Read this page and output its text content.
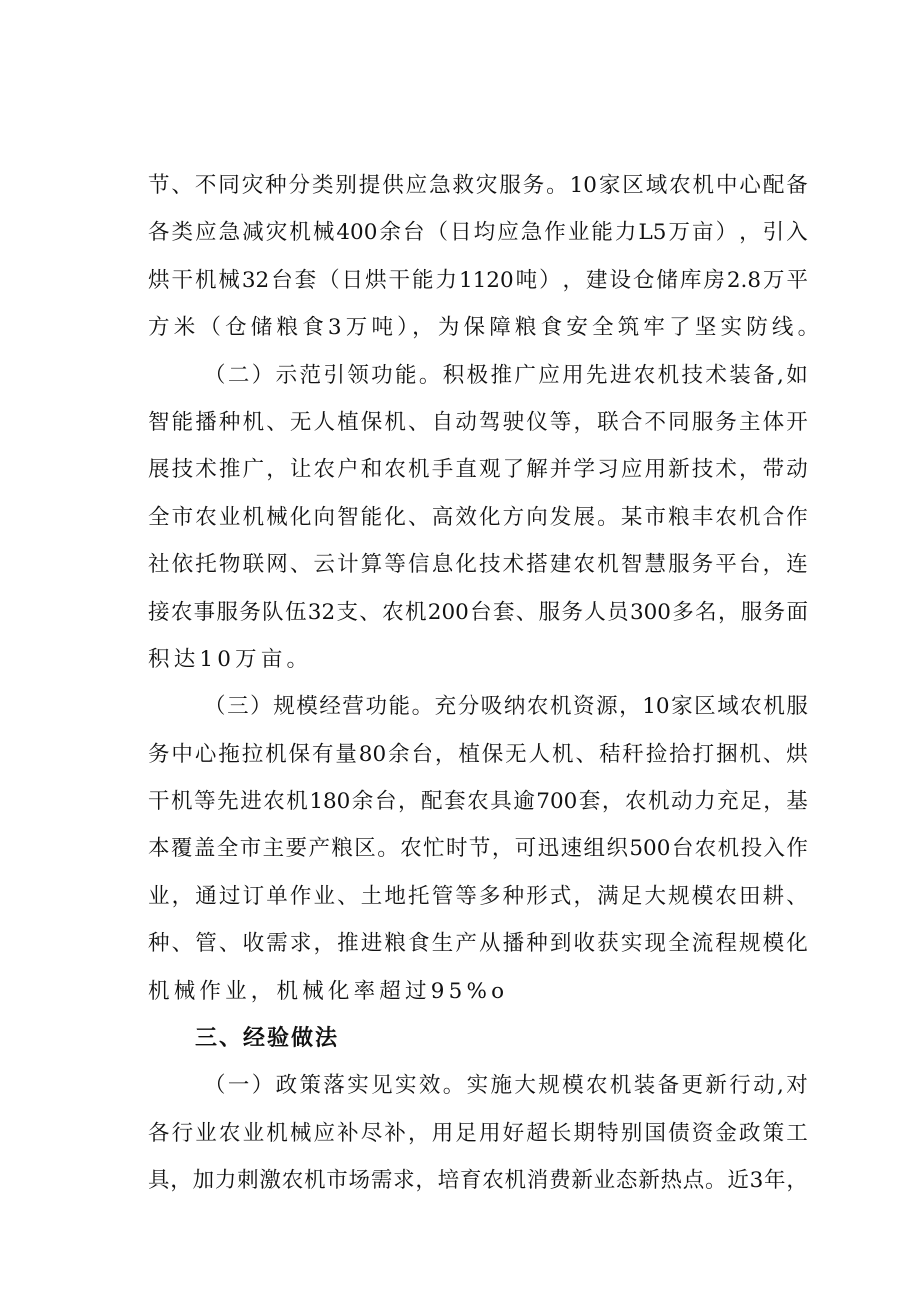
节 、 不 同 灾 种 分 类 别 提 供 应 急 救 灾 服 务 。 10 家 区 域 农 机 中 心 配 备
各 类 应 急 减 灾 机 械 400 余 台 （ 日 均 应 急 作 业 能 力 L5 万 亩 ） ， 引 入
烘 干 机 械 32 台 套 （ 日 烘 干 能 力 1120 吨 ） ， 建 设 仓 储 库 房 2.8 万 平
方米（仓储粮食3万吨），为保障粮食安全筑牢了坚实防线。
（ 二 ） 示 范 引 领 功 能 。 积 极 推 广 应 用 先 进 农 机 技 术 装 备 , 如
智 能 播 种 机 、 无 人 植 保 机 、 自 动 驾 驶 仪 等 ， 联 合 不 同 服 务 主 体 开
展 技 术 推 广 ， 让 农 户 和 农 机 手 直 观 了 解 并 学 习 应 用 新 技 术 ， 带 动
全 市 农 业 机 械 化 向 智 能 化 、 高 效 化 方 向 发 展 。 某 市 粮 丰 农 机 合 作
社 依 托 物 联 网 、 云 计 算 等 信 息 化 技 术 搭 建 农 机 智 慧 服 务 平 台 ， 连
接 农 事 服 务 队 伍 32 支 、 农 机 200 台 套 、 服 务 人 员 300 多 名 ， 服 务 面
积达10万亩。
（ 三 ） 规 模 经 营 功 能 。 充 分 吸 纳 农 机 资 源 ， 10 家 区 域 农 机 服
务 中 心 拖 拉 机 保 有 量 80 余 台 ， 植 保 无 人 机 、 秸 秆 捡 拾 打 捆 机 、 烘
干 机 等 先 进 农 机 180 余 台 ， 配 套 农 具 逾 700 套 ， 农 机 动 力 充 足 ， 基
本 覆 盖 全 市 主 要 产 粮 区 。 农 忙 时 节 ， 可 迅 速 组 织 500 台 农 机 投 入 作
业 ， 通 过 订 单 作 业 、 土 地 托 管 等 多 种 形 式 ， 满 足 大 规 模 农 田 耕 、
种 、 管 、 收 需 求 ， 推 进 粮 食 生 产 从 播 种 到 收 获 实 现 全 流 程 规 模 化
机械作业，机械化率超过95%o
三、经验做法
（ 一 ） 政 策 落 实 见 实 效 。 实 施 大 规 模 农 机 装 备 更 新 行 动 , 对
各 行 业 农 业 机 械 应 补 尽 补 ， 用 足 用 好 超 长 期 特 别 国 债 资 金 政 策 工
具 ， 加 力 刺 激 农 机 市 场 需 求 ， 培 育 农 机 消 费 新 业 态 新 热 点 。 近 3 年 ，
